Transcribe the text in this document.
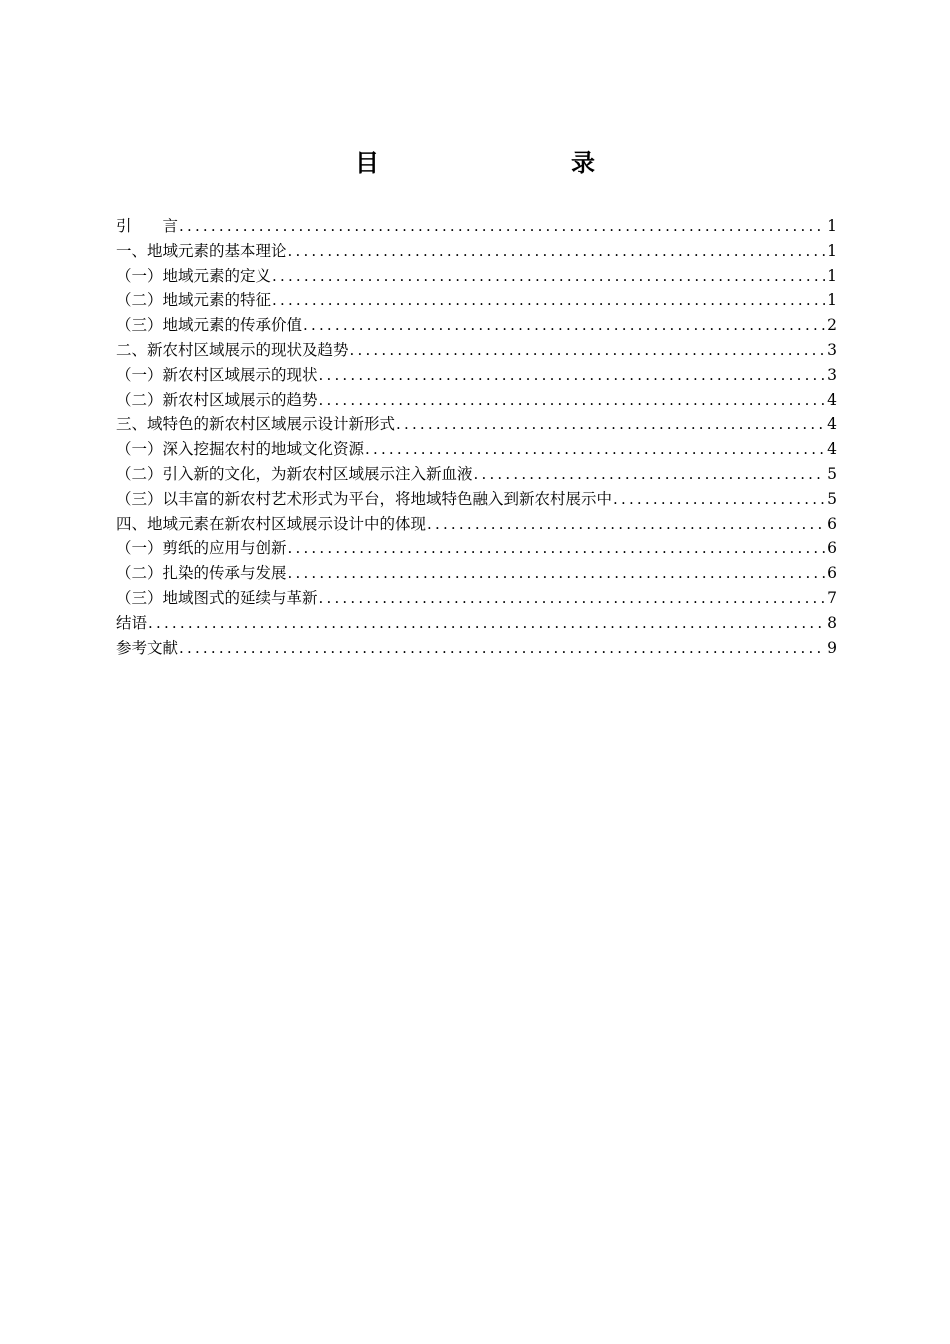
目　　录
引　　言 .....	1
一、地域元素的基本理论 .....	1
（一）地域元素的定义 .....	1
（二）地域元素的特征 .....	1
（三）地域元素的传承价值 .....	2
二、新农村区域展示的现状及趋势 .....	3
（一）新农村区域展示的现状 .....	3
（二）新农村区域展示的趋势 .....	4
三、域特色的新农村区域展示设计新形式 .....	4
（一）深入挖掘农村的地域文化资源 .....	4
（二）引入新的文化，为新农村区域展示注入新血液 .....	5
（三）以丰富的新农村艺术形式为平台，将地域特色融入到新农村展示中 .....	5
四、地域元素在新农村区域展示设计中的体现 .....	6
（一）剪纸的应用与创新 .....	6
（二）扎染的传承与发展 .....	6
（三）地域图式的延续与革新 .....	7
结语 .....	8
参考文献 .....	9
